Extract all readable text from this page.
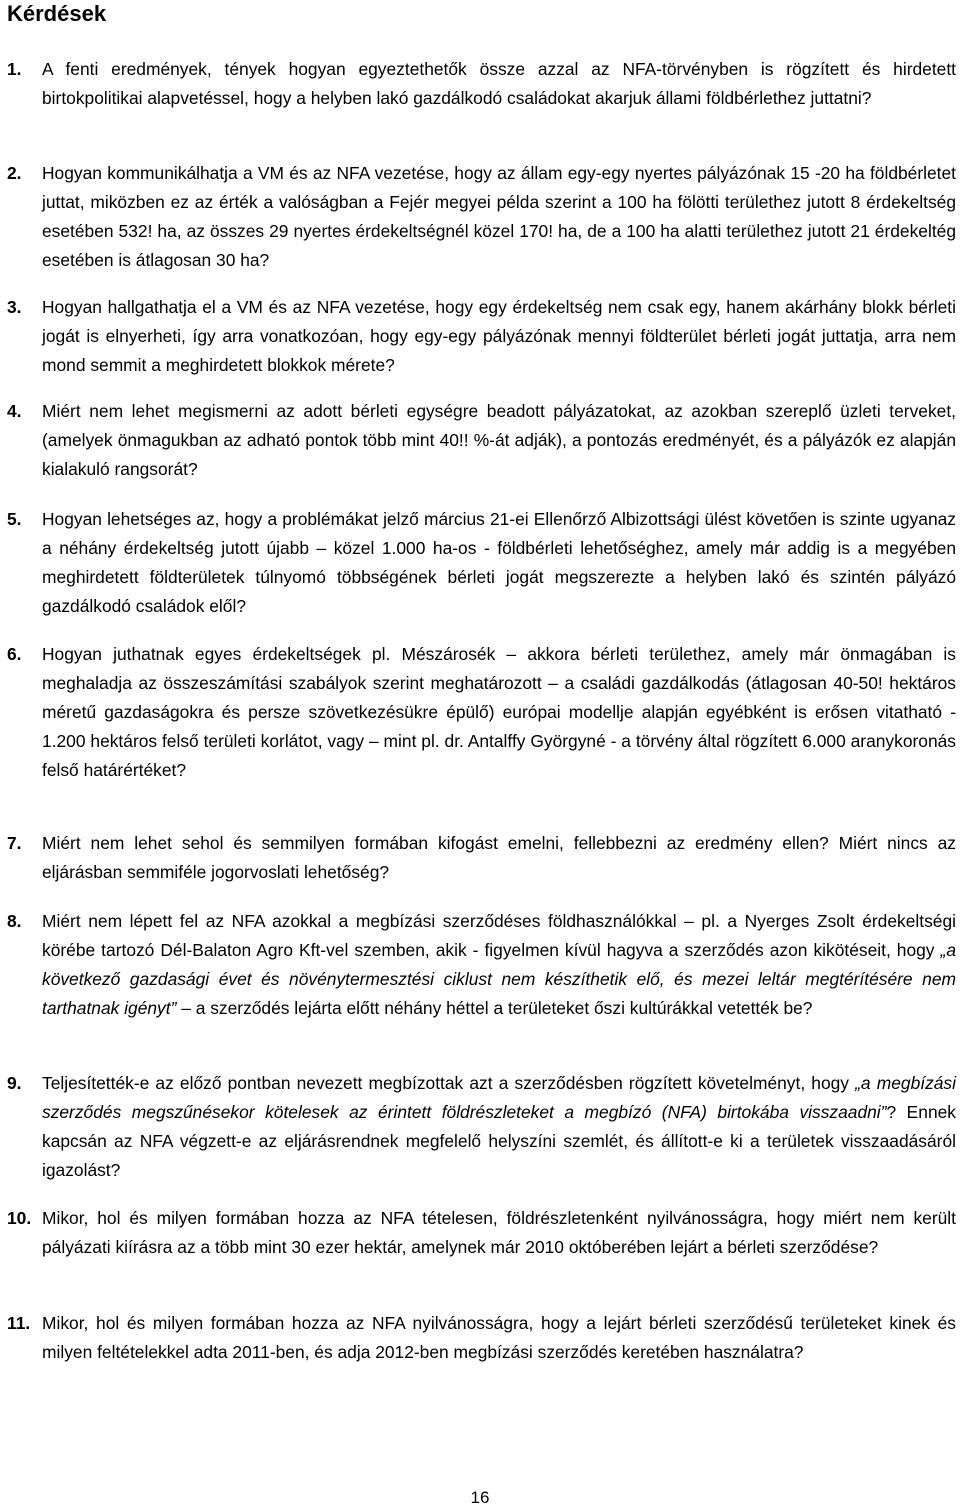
Kérdések
1.	A fenti eredmények, tények hogyan egyeztethetők össze azzal az NFA-törvényben is rögzített és hirdetett birtokpolitikai alapvetéssel, hogy a helyben lakó gazdálkodó családokat akarjuk állami földbérlethez juttatni?
2.	Hogyan kommunikálhatja a VM és az NFA vezetése, hogy az állam egy-egy nyertes pályázónak 15 -20 ha földbérletet juttat, miközben ez az érték a valóságban a Fejér megyei példa szerint a 100 ha fölötti területhez jutott 8 érdekeltség esetében 532! ha, az összes 29 nyertes érdekeltségnél közel 170! ha, de a 100 ha alatti területhez jutott 21 érdekeltég esetében is átlagosan 30 ha?
3.	Hogyan hallgathatja el a VM és az NFA vezetése, hogy egy érdekeltség nem csak egy, hanem akárhány blokk bérleti jogát is elnyerheti, így arra vonatkozóan, hogy egy-egy pályázónak mennyi földterület bérleti jogát juttatja, arra nem mond semmit a meghirdetett blokkok mérete?
4.	Miért nem lehet megismerni az adott bérleti egységre beadott pályázatokat, az azokban szereplő üzleti terveket, (amelyek önmagukban az adható pontok több mint 40!! %-át adják), a pontozás eredményét, és a pályázók ez alapján kialakuló rangsorát?
5.	Hogyan lehetséges az, hogy a problémákat jelző március 21-ei Ellenőrző Albizottsági ülést követően is szinte ugyanaz a néhány érdekeltség jutott újabb – közel 1.000 ha-os - földbérleti lehetőséghez, amely már addig is a megyében meghirdetett földterületek túlnyomó többségének bérleti jogát megszerezte a helyben lakó és szintén pályázó gazdálkodó családok elől?
6.	Hogyan juthatnak egyes érdekeltségek pl. Mészárosék – akkora bérleti területhez, amely már önmagában is meghaladja az összeszámítási szabályok szerint meghatározott – a családi gazdálkodás (átlagosan 40-50! hektáros méretű gazdaságokra és persze szövetkezésükre épülő) európai modellje alapján egyébként is erősen vitatható - 1.200 hektáros felső területi korlátot, vagy – mint pl. dr. Antalffy Györgyné - a törvény által rögzített 6.000 aranykoronás felső határértéket?
7.	Miért nem lehet sehol és semmilyen formában kifogást emelni, fellebbezni az eredmény ellen? Miért nincs az eljárásban semmiféle jogorvoslati lehetőség?
8.	Miért nem lépett fel az NFA azokkal a megbízási szerződéses földhasználókkal – pl. a Nyerges Zsolt érdekeltségi körébe tartozó Dél-Balaton Agro Kft-vel szemben, akik - figyelmen kívül hagyva a szerződés azon kikötéseit, hogy „a következő gazdasági évet és növénytermesztési ciklust nem készíthetik elő, és mezei leltár megtérítésére nem tarthatnak igényt” – a szerződés lejárta előtt néhány héttel a területeket őszi kultúrákkal vetették be?
9.	Teljesítették-e az előző pontban nevezett megbízottak azt a szerződésben rögzített követelményt, hogy „a megbízási szerződés megszűnésekor kötelesek az érintett földrészleteket a megbízó (NFA) birtokába visszaadni”? Ennek kapcsán az NFA végzett-e az eljárásrendnek megfelelő helyszíni szemlét, és állított-e ki a területek visszaadásáról igazolást?
10. Mikor, hol és milyen formában hozza az NFA tételesen, földrészletenként nyilvánosságra, hogy miért nem került pályázati kiírásra az a több mint 30 ezer hektár, amelynek már 2010 októberében lejárt a bérleti szerződése?
11. Mikor, hol és milyen formában hozza az NFA nyilvánosságra, hogy a lejárt bérleti szerződésű területeket kinek és milyen feltételekkel adta 2011-ben, és adja 2012-ben megbízási szerződés keretében használatra?
16
